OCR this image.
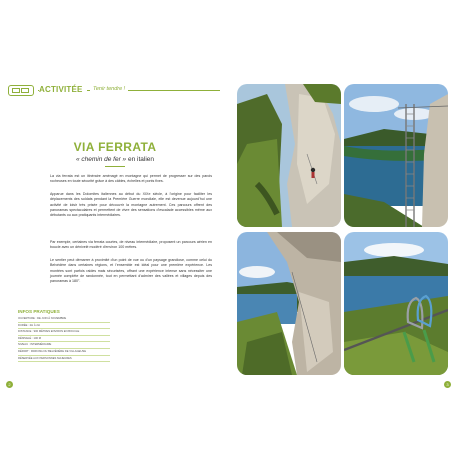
ACTIVITÉE	Tenir tendre !
VIA FERRATA
« chemin de fer » en italien

La via ferrata est un itinéraire aménagé en montagne qui permet de progresser sur des parois rocheuses en toute sécurité grâce à des câbles, échelles et ponts fixes.

Apparue dans les Dolomites italiennes au début du XIXe siècle, à l'origine pour faciliter les déplacements des soldats pendant la Première Guerre mondiale, elle est devenue aujourd'hui une activité de loisir très prisée pour découvrir la montagne autrement. Ces parcours offrent des panoramas spectaculaires et permettent de vivre des sensations d'escalade accessibles même aux débutants ou aux pratiquants intermédiaires.

Par exemple, certaines via ferrata courtes, de niveau intermédiaire, proposent un parcours aérien en boucle avec un dénivelé modéré d'environ 100 mètres.

Le sentier peut démarrer à proximité d'un point de vue ou d'un paysage grandiose, comme celui du Belvédère dans certaines régions, et l'ensemble est idéal pour une première expérience. Les montées sont parfois raides mais sécurisées, offrant une expérience intense sans nécessiter une journée complète de randonnée, tout en permettant d'admirer des vallées et villages depuis des panoramas à 180°.

INFOS PRATIQUES
OUVERTURE : DE JUIN À NOVEMBRE
DURÉE : 2H À 2H
DISTANCE : 900 MÈTRES ENVIRON EN BOUCLE
DÉNIVELÉ : 100 M
NIVEAU : INTERMÉDIAIRE
DÉPART : PARKING DU BELVÉDÈRE DE VILLAGEUSE
RÉSERVÉE AUX PERSONNES MAJEURES
2	3
